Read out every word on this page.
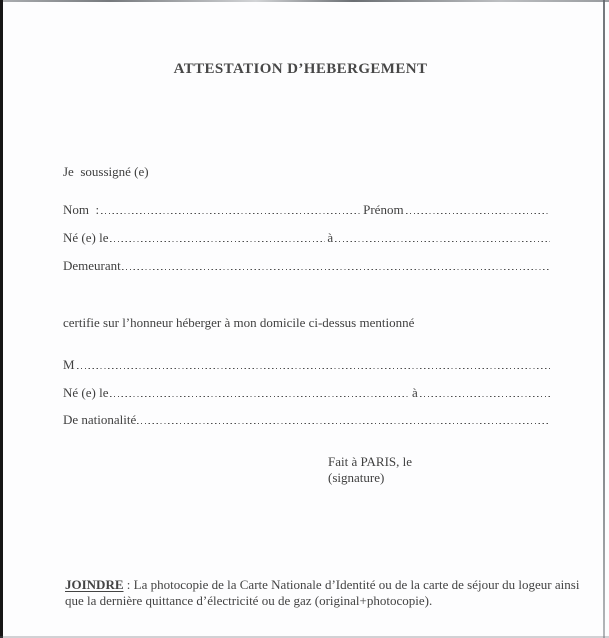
ATTESTATION D’HEBERGEMENT
Je  soussigné (e)
Nom  :	Prénom
Né (e) le	à
Demeurant
certifie sur l’honneur héberger à mon domicile ci-dessus mentionné
M
Né (e) le	à
De nationalité
Fait à PARIS, le
(signature)
JOINDRE : La photocopie de la Carte Nationale d’Identité ou de la carte de séjour du logeur ainsi que la dernière quittance d’électricité ou de gaz (original+photocopie).
